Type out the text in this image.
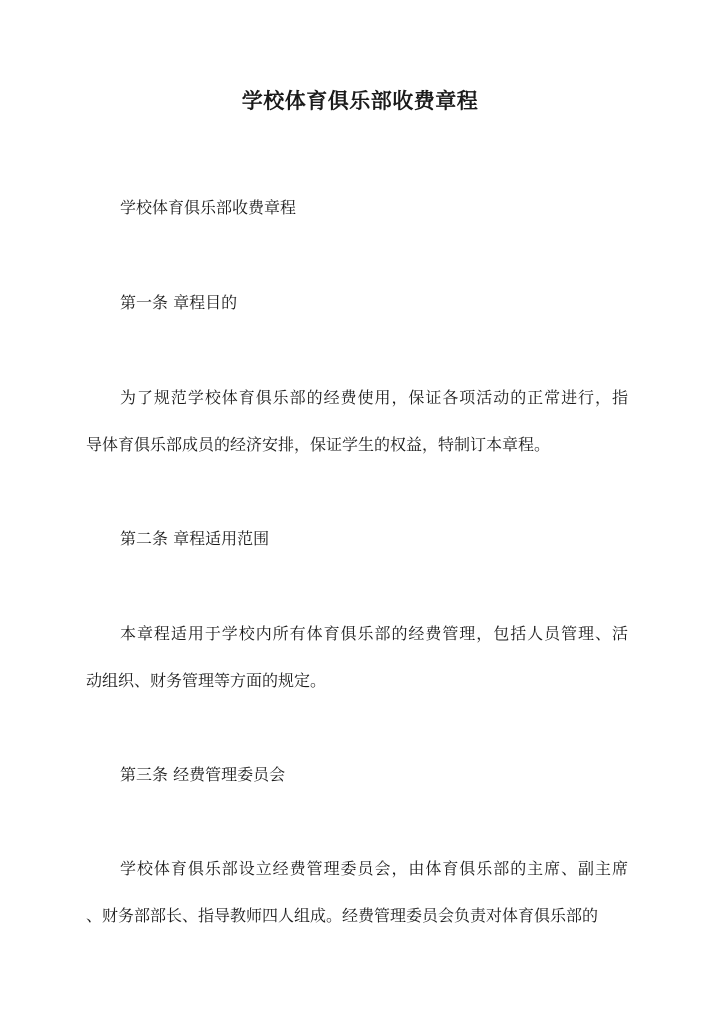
学校体育俱乐部收费章程
学校体育俱乐部收费章程
第一条 章程目的
为了规范学校体育俱乐部的经费使用，保证各项活动的正常进行，指
导体育俱乐部成员的经济安排，保证学生的权益，特制订本章程。
第二条 章程适用范围
本章程适用于学校内所有体育俱乐部的经费管理，包括人员管理、活
动组织、财务管理等方面的规定。
第三条 经费管理委员会
学校体育俱乐部设立经费管理委员会，由体育俱乐部的主席、副主席
、财务部部长、指导教师四人组成。经费管理委员会负责对体育俱乐部的
